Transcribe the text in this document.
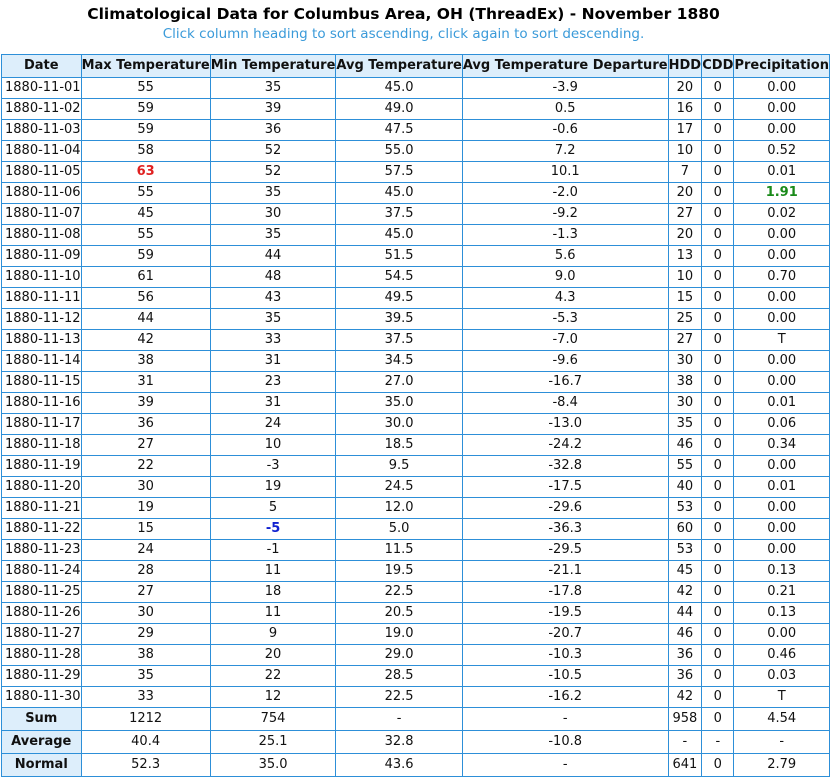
Climatological Data for Columbus Area, OH (ThreadEx) - November 1880
Click column heading to sort ascending, click again to sort descending.
Date	Max Temperature	Min Temperature	Avg Temperature	Avg Temperature Departure	HDD	CDD	Precipitation
1880-11-01	55	35	45.0	-3.9	20	0	0.00
1880-11-02	59	39	49.0	0.5	16	0	0.00
1880-11-03	59	36	47.5	-0.6	17	0	0.00
1880-11-04	58	52	55.0	7.2	10	0	0.52
1880-11-05	63	52	57.5	10.1	7	0	0.01
1880-11-06	55	35	45.0	-2.0	20	0	1.91
1880-11-07	45	30	37.5	-9.2	27	0	0.02
1880-11-08	55	35	45.0	-1.3	20	0	0.00
1880-11-09	59	44	51.5	5.6	13	0	0.00
1880-11-10	61	48	54.5	9.0	10	0	0.70
1880-11-11	56	43	49.5	4.3	15	0	0.00
1880-11-12	44	35	39.5	-5.3	25	0	0.00
1880-11-13	42	33	37.5	-7.0	27	0	T
1880-11-14	38	31	34.5	-9.6	30	0	0.00
1880-11-15	31	23	27.0	-16.7	38	0	0.00
1880-11-16	39	31	35.0	-8.4	30	0	0.01
1880-11-17	36	24	30.0	-13.0	35	0	0.06
1880-11-18	27	10	18.5	-24.2	46	0	0.34
1880-11-19	22	-3	9.5	-32.8	55	0	0.00
1880-11-20	30	19	24.5	-17.5	40	0	0.01
1880-11-21	19	5	12.0	-29.6	53	0	0.00
1880-11-22	15	-5	5.0	-36.3	60	0	0.00
1880-11-23	24	-1	11.5	-29.5	53	0	0.00
1880-11-24	28	11	19.5	-21.1	45	0	0.13
1880-11-25	27	18	22.5	-17.8	42	0	0.21
1880-11-26	30	11	20.5	-19.5	44	0	0.13
1880-11-27	29	9	19.0	-20.7	46	0	0.00
1880-11-28	38	20	29.0	-10.3	36	0	0.46
1880-11-29	35	22	28.5	-10.5	36	0	0.03
1880-11-30	33	12	22.5	-16.2	42	0	T
Sum	1212	754	-	-	958	0	4.54
Average	40.4	25.1	32.8	-10.8	-	-	-
Normal	52.3	35.0	43.6	-	641	0	2.79
